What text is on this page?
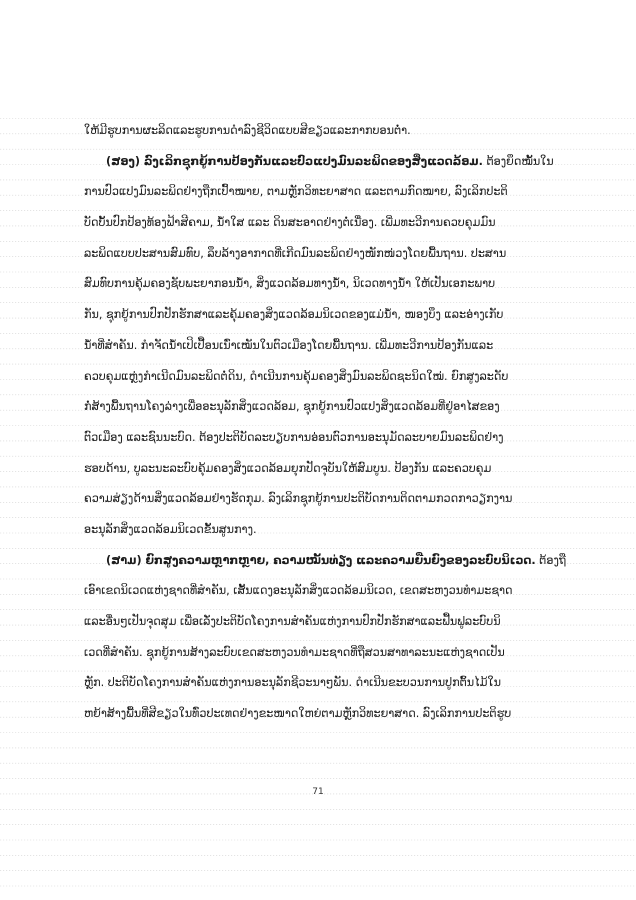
ໃຫ້ມີຮູບການຜະລິດແລະຮູບການດຳລົງຊີວິດແບບສີຂຽວແລະກາກບອນຕໍ່າ.
(ສອງ) ລົງເລິກຊຸກຍູ້ການປ້ອງກັນແລະປົວແປງມົນລະພິດຂອງສິ່ງແວດລ້ອມ. ຕ້ອງຍຶດໝັ້ນໃນ
ການປົວແປງມົນລະພິດຢ່າງຖືກເປົ້າໝາຍ, ຕາມຫຼັກວິທະຍາສາດ ແລະຕາມກົດໝາຍ, ລົງເລິກປະຕິ
ບັດບັ້ນປົກປ້ອງທ້ອງຟ້າສີຄາມ, ນ້ຳໃສ ແລະ ດິນສະອາດຢ່າງຕໍ່ເນື່ອງ. ເພີ່ມທະວີການຄວບຄຸມມົນ
ລະພິດແບບປະສານສົມທົບ, ລຶບລ້າງອາກາດທີ່ເກີດມົນລະພິດຢ່າງໜັກໜ່ວງໂດຍພື້ນຖານ. ປະສານ
ສົມທົບການຄຸ້ມຄອງຊັບພະຍາກອນນ້ຳ, ສິ່ງແວດລ້ອມທາງນ້ຳ, ນິເວດທາງນ້ຳ ໃຫ້ເປັນເອກະພາບ
ກັນ, ຊຸກຍູ້ການປົກປັກຮັກສາແລະຄຸ້ມຄອງສິ່ງແວດລ້ອມນິເວດຂອງແມ່ນ້ຳ, ໜອງບຶງ ແລະອ່າງເກັບ
ນ້ຳທີ່ສຳຄັນ. ກຳຈັດນ້ຳເປິເປື້ອນເນົ່າເໝັນໃນຕົວເມືອງໂດຍພື້ນຖານ. ເພີ່ມທະວີການປ້ອງກັນແລະ
ຄວບຄຸມແຫຼ່ງກຳເນີດມົນລະພິດຕໍ່ດິນ, ດຳເນີນການຄຸ້ມຄອງສິ່ງມົນລະພິດຊະນິດໃໝ່. ຍົກສູງລະດັບ
ກໍ່ສ້າງພື້ນຖານໂຄງລ່າງເພື່ອອະນຸລັກສິ່ງແວດລ້ອມ, ຊຸກຍູ້ການປົວແປງສິ່ງແວດລ້ອມທີ່ຢູ່ອາໄສຂອງ
ຕົວເມືອງ ແລະຊົນນະບົດ. ຕ້ອງປະຕິບັດລະບຽບການອ່ອນຕົວການອະນຸມັດລະບາຍມົນລະພິດຢ່າງ
ຮອບດ້ານ, ບູລະນະລະບົບຄຸ້ມຄອງສິ່ງແວດລ້ອມຍຸກປັດຈຸບັນໃຫ້ສົມບູນ. ປ້ອງກັນ ແລະຄວບຄຸມ
ຄວາມສ່ຽງດ້ານສິ່ງແວດລ້ອມຢ່າງຮັດກຸມ. ລົງເລິກຊຸກຍູ້ການປະຕິບັດການຕິດຕາມກວດກາວຽກງານ
ອະນຸລັກສິ່ງແວດລ້ອມນິເວດຂັ້ນສູນກາງ.
(ສາມ) ຍົກສູງຄວາມຫຼາກຫຼາຍ, ຄວາມໝັ້ນທ່ຽງ ແລະຄວາມຍືນຍົງຂອງລະບົບນິເວດ. ຕ້ອງຖື
ເອົາເຂດນິເວດແຫ່ງຊາດທີ່ສຳຄັນ, ເສັ້ນແດງອະນຸລັກສິ່ງແວດລ້ອມນິເວດ, ເຂດສະຫງວນທຳມະຊາດ
ແລະອື່ນໆເປັນຈຸດສຸມ ເພື່ອເລັ່ງປະຕິບັດໂຄງການສຳຄັນແຫ່ງການປົກປັກຮັກສາແລະຟື້ນຟູລະບົບນິ
ເວດທີ່ສຳຄັນ. ຊຸກຍູ້ການສ້າງລະບົບເຂດສະຫງວນທຳມະຊາດທີ່ຖືສວນສາທາລະນະແຫ່ງຊາດເປັນ
ຫຼັກ. ປະຕິບັດໂຄງການສຳຄັນແຫ່ງການອະນຸລັກຊີວະນາໆພັນ. ດຳເນີນຂະບວນການປູກຕົ້ນໄມ້ໃນ
ຫຍ້າສ້າງພື້ນທີ່ສີຂຽວໃນທົ່ວປະເທດຢ່າງຂະໜາດໃຫຍ່ຕາມຫຼັກວິທະຍາສາດ. ລົງເລິກການປະຕິຮູບ
71
